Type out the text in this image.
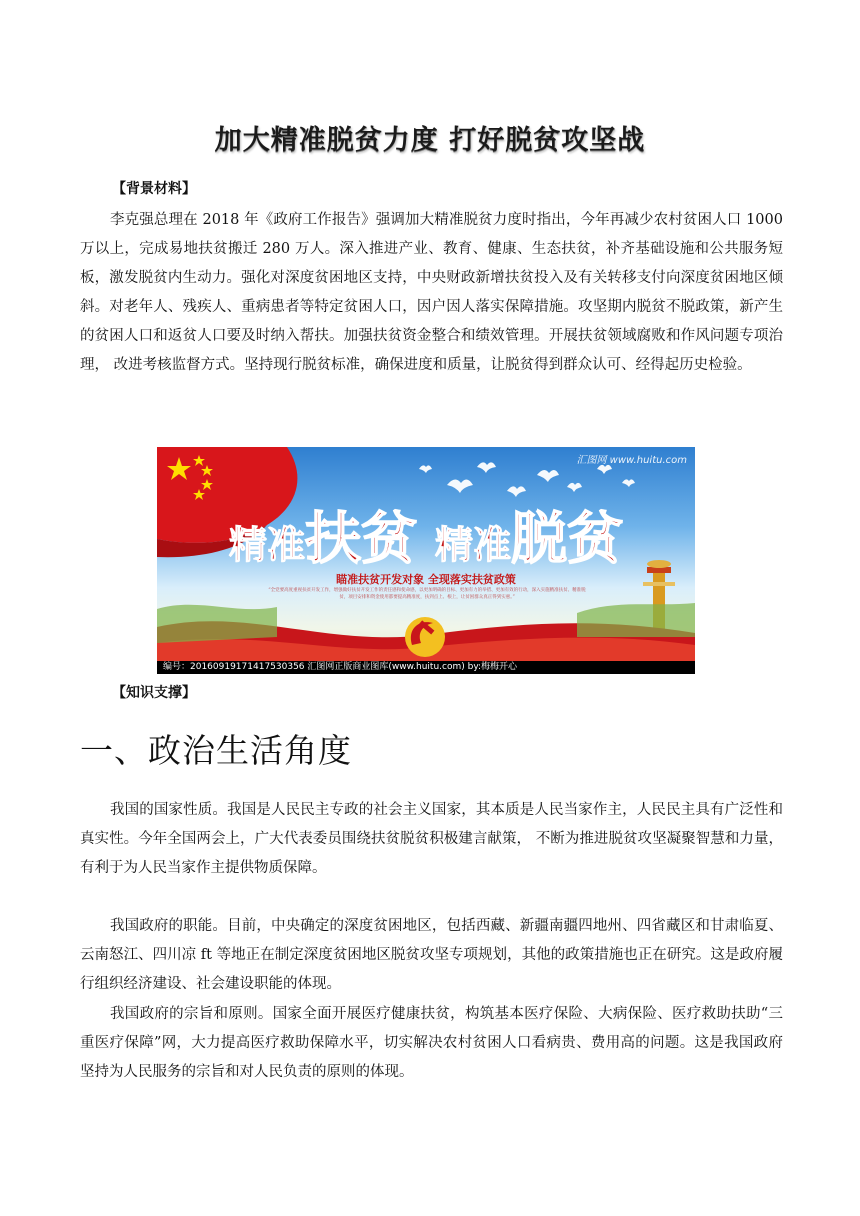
加大精准脱贫力度 打好脱贫攻坚战
【背景材料】

李克强总理在 2018 年《政府工作报告》强调加大精准脱贫力度时指出，今年再减少农村贫困人口 1000 万以上，完成易地扶贫搬迁 280 万人。深入推进产业、教育、健康、生态扶贫，补齐基础设施和公共服务短板，激发脱贫内生动力。强化对深度贫困地区支持，中央财政新增扶贫投入及有关转移支付向深度贫困地区倾斜。对老年人、残疾人、重病患者等特定贫困人口，因户因人落实保障措施。攻坚期内脱贫不脱政策，新产生的贫困人口和返贫人口要及时纳入帮扶。加强扶贫资金整合和绩效管理。开展扶贫领域腐败和作风问题专项治理， 改进考核监督方式。坚持现行脱贫标准，确保进度和质量，让脱贫得到群众认可、经得起历史检验。

汇图网 www.huitu.com
精准扶贫 精准脱贫
瞄准扶贫开发对象 全现落实扶贫政策
“全党要高度重视扶贫开发工作，增强做好扶贫开发工作的责任感和使命感，以更加明确的目标、更加有力的举措、更加有效的行动，深入实施精准扶贫、精准脱贫，项目安排和资金使用都要提高精准度，扶到点上、根上，让贫困群众真正得到实惠。”
编号：20160919171417530356 汇图网正版商业图库(www.huitu.com) by:梅梅开心
【知识支撑】
一、政治生活角度

我国的国家性质。我国是人民民主专政的社会主义国家，其本质是人民当家作主，人民民主具有广泛性和真实性。今年全国两会上，广大代表委员围绕扶贫脱贫积极建言献策， 不断为推进脱贫攻坚凝聚智慧和力量，有利于为人民当家作主提供物质保障。

我国政府的职能。目前，中央确定的深度贫困地区，包括西藏、新疆南疆四地州、四省藏区和甘肃临夏、云南怒江、四川凉 ft 等地正在制定深度贫困地区脱贫攻坚专项规划，其他的政策措施也正在研究。这是政府履行组织经济建设、社会建设职能的体现。

我国政府的宗旨和原则。国家全面开展医疗健康扶贫，构筑基本医疗保险、大病保险、医疗救助扶助“三重医疗保障”网，大力提高医疗救助保障水平，切实解决农村贫困人口看病贵、费用高的问题。这是我国政府坚持为人民服务的宗旨和对人民负责的原则的体现。
